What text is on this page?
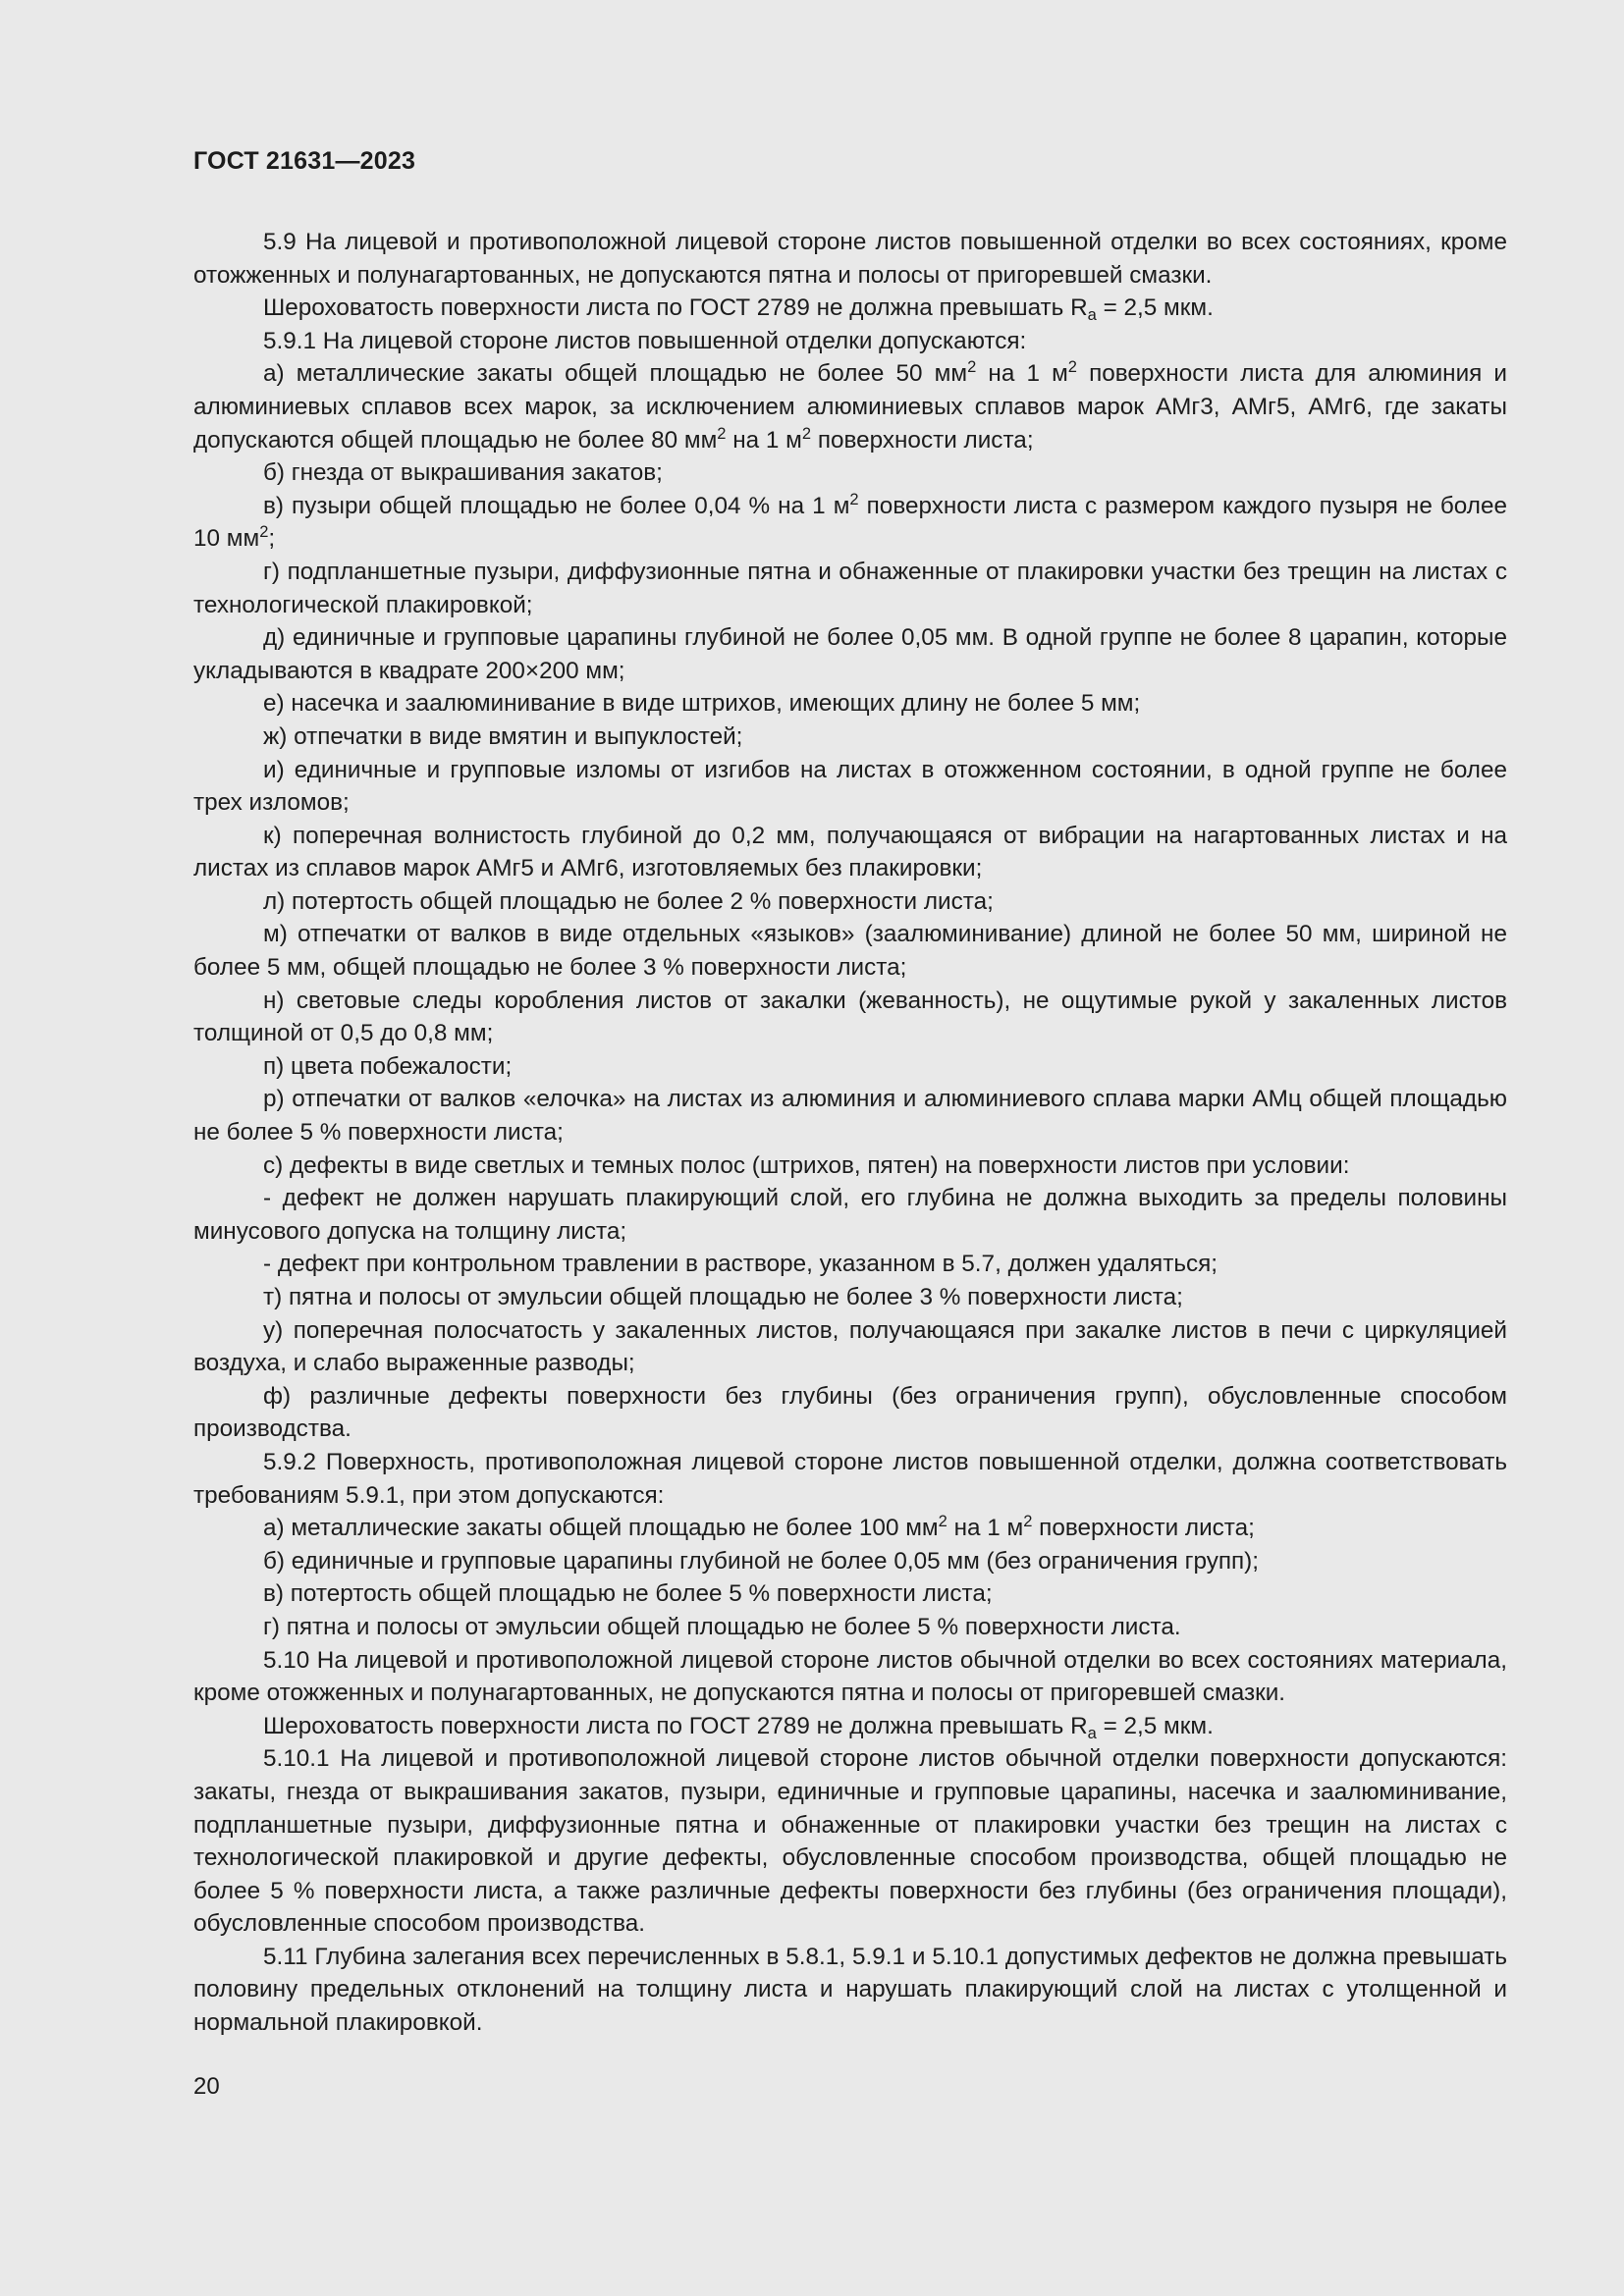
ГОСТ 21631—2023

5.9 На лицевой и противоположной лицевой стороне листов повышенной отделки во всех состояниях, кроме отожженных и полунагартованных, не допускаются пятна и полосы от пригоревшей смазки.

Шероховатость поверхности листа по ГОСТ 2789 не должна превышать $R_a = 2,5$ мкм.

5.9.1 На лицевой стороне листов повышенной отделки допускаются:

а) металлические закаты общей площадью не более 50 $мм^2$ на 1 $м^2$ поверхности листа для алюминия и алюминиевых сплавов всех марок, за исключением алюминиевых сплавов марок АМг3, АМг5, АМг6, где закаты допускаются общей площадью не более 80 $мм^2$ на 1 $м^2$ поверхности листа;

б) гнезда от выкрашивания закатов;

в) пузыри общей площадью не более 0,04 % на 1 $м^2$ поверхности листа с размером каждого пузыря не более 10 $мм^2$;

г) подпланшетные пузыри, диффузионные пятна и обнаженные от плакировки участки без трещин на листах с технологической плакировкой;

д) единичные и групповые царапины глубиной не более 0,05 мм. В одной группе не более 8 царапин, которые укладываются в квадрате 200×200 мм;

е) насечка и заалюминивание в виде штрихов, имеющих длину не более 5 мм;

ж) отпечатки в виде вмятин и выпуклостей;

и) единичные и групповые изломы от изгибов на листах в отожженном состоянии, в одной группе не более трех изломов;

к) поперечная волнистость глубиной до 0,2 мм, получающаяся от вибрации на нагартованных листах и на листах из сплавов марок АМг5 и АМг6, изготовляемых без плакировки;

л) потертость общей площадью не более 2 % поверхности листа;

м) отпечатки от валков в виде отдельных «языков» (заалюминивание) длиной не более 50 мм, шириной не более 5 мм, общей площадью не более 3 % поверхности листа;

н) световые следы коробления листов от закалки (жеванность), не ощутимые рукой у закаленных листов толщиной от 0,5 до 0,8 мм;

п) цвета побежалости;

р) отпечатки от валков «елочка» на листах из алюминия и алюминиевого сплава марки АМц общей площадью не более 5 % поверхности листа;

с) дефекты в виде светлых и темных полос (штрихов, пятен) на поверхности листов при условии:

- дефект не должен нарушать плакирующий слой, его глубина не должна выходить за пределы половины минусового допуска на толщину листа;

- дефект при контрольном травлении в растворе, указанном в 5.7, должен удаляться;

т) пятна и полосы от эмульсии общей площадью не более 3 % поверхности листа;

у) поперечная полосчатость у закаленных листов, получающаяся при закалке листов в печи с циркуляцией воздуха, и слабо выраженные разводы;

ф) различные дефекты поверхности без глубины (без ограничения групп), обусловленные способом производства.

5.9.2 Поверхность, противоположная лицевой стороне листов повышенной отделки, должна соответствовать требованиям 5.9.1, при этом допускаются:

а) металлические закаты общей площадью не более 100 $мм^2$ на 1 $м^2$ поверхности листа;

б) единичные и групповые царапины глубиной не более 0,05 мм (без ограничения групп);

в) потертость общей площадью не более 5 % поверхности листа;

г) пятна и полосы от эмульсии общей площадью не более 5 % поверхности листа.

5.10 На лицевой и противоположной лицевой стороне листов обычной отделки во всех состояниях материала, кроме отожженных и полунагартованных, не допускаются пятна и полосы от пригоревшей смазки.

Шероховатость поверхности листа по ГОСТ 2789 не должна превышать $R_a = 2,5$ мкм.

5.10.1 На лицевой и противоположной лицевой стороне листов обычной отделки поверхности допускаются: закаты, гнезда от выкрашивания закатов, пузыри, единичные и групповые царапины, насечка и заалюминивание, подпланшетные пузыри, диффузионные пятна и обнаженные от плакировки участки без трещин на листах с технологической плакировкой и другие дефекты, обусловленные способом производства, общей площадью не более 5 % поверхности листа, а также различные дефекты поверхности без глубины (без ограничения площади), обусловленные способом производства.

5.11 Глубина залегания всех перечисленных в 5.8.1, 5.9.1 и 5.10.1 допустимых дефектов не должна превышать половину предельных отклонений на толщину листа и нарушать плакирующий слой на листах с утолщенной и нормальной плакировкой.

20
